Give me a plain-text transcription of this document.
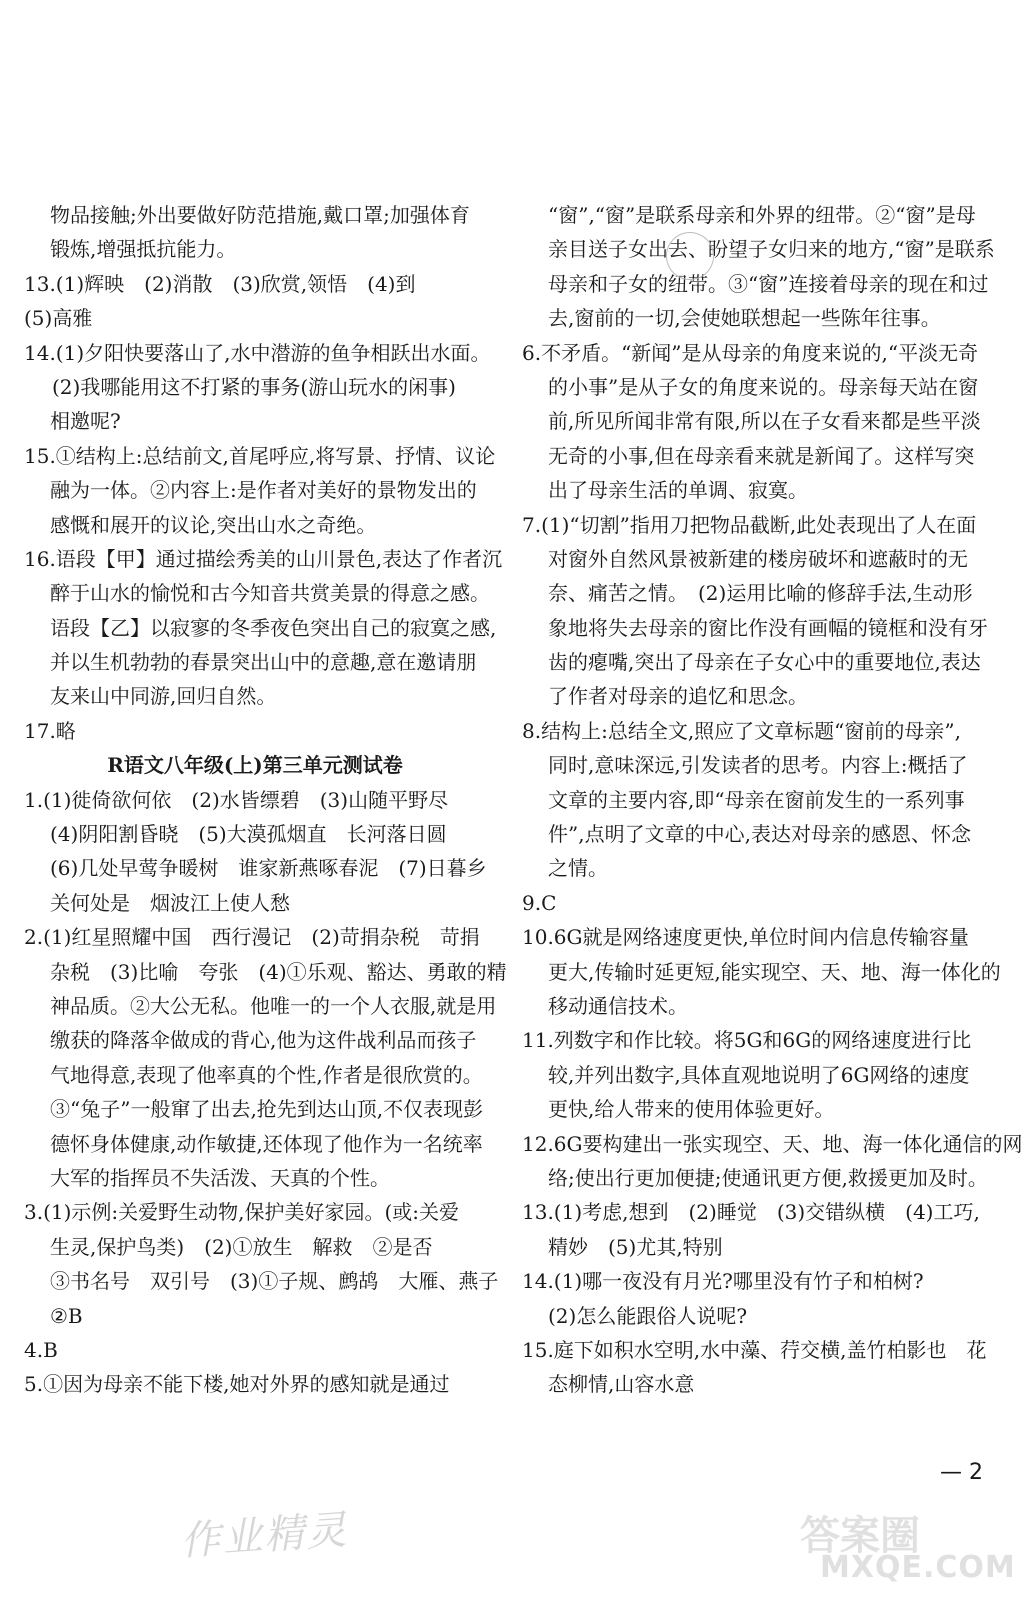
物品接触;外出要做好防范措施,戴口罩;加强体育
锻炼,增强抵抗能力。
13.(1)辉映　(2)消散　(3)欣赏,领悟　(4)到
(5)高雅
14.(1)夕阳快要落山了,水中潜游的鱼争相跃出水面。
(2)我哪能用这不打紧的事务(游山玩水的闲事)
相邀呢?
15.①结构上:总结前文,首尾呼应,将写景、抒情、议论
融为一体。②内容上:是作者对美好的景物发出的
感慨和展开的议论,突出山水之奇绝。
16.语段【甲】通过描绘秀美的山川景色,表达了作者沉
醉于山水的愉悦和古今知音共赏美景的得意之感。
语段【乙】以寂寥的冬季夜色突出自己的寂寞之感,
并以生机勃勃的春景突出山中的意趣,意在邀请朋
友来山中同游,回归自然。
17.略
R语文八年级(上)第三单元测试卷
1.(1)徙倚欲何依　(2)水皆缥碧　(3)山随平野尽
(4)阴阳割昏晓　(5)大漠孤烟直　长河落日圆
(6)几处早莺争暖树　谁家新燕啄春泥　(7)日暮乡
关何处是　烟波江上使人愁
2.(1)红星照耀中国　西行漫记　(2)苛捐杂税　苛捐
杂税　(3)比喻　夸张　(4)①乐观、豁达、勇敢的精
神品质。②大公无私。他唯一的一个人衣服,就是用
缴获的降落伞做成的背心,他为这件战利品而孩子
气地得意,表现了他率真的个性,作者是很欣赏的。
③“兔子”一般窜了出去,抢先到达山顶,不仅表现彭
德怀身体健康,动作敏捷,还体现了他作为一名统率
大军的指挥员不失活泼、天真的个性。
3.(1)示例:关爱野生动物,保护美好家园。(或:关爱
生灵,保护鸟类)　(2)①放生　解救　②是否
③书名号　双引号　(3)①子规、鹧鸪　大雁、燕子
②B
4.B
5.①因为母亲不能下楼,她对外界的感知就是通过
“窗”,“窗”是联系母亲和外界的纽带。②“窗”是母
亲目送子女出去、盼望子女归来的地方,“窗”是联系
母亲和子女的纽带。③“窗”连接着母亲的现在和过
去,窗前的一切,会使她联想起一些陈年往事。
6.不矛盾。“新闻”是从母亲的角度来说的,“平淡无奇
的小事”是从子女的角度来说的。母亲每天站在窗
前,所见所闻非常有限,所以在子女看来都是些平淡
无奇的小事,但在母亲看来就是新闻了。这样写突
出了母亲生活的单调、寂寞。
7.(1)“切割”指用刀把物品截断,此处表现出了人在面
对窗外自然风景被新建的楼房破坏和遮蔽时的无
奈、痛苦之情。　(2)运用比喻的修辞手法,生动形
象地将失去母亲的窗比作没有画幅的镜框和没有牙
齿的瘪嘴,突出了母亲在子女心中的重要地位,表达
了作者对母亲的追忆和思念。
8.结构上:总结全文,照应了文章标题“窗前的母亲”,
同时,意味深远,引发读者的思考。内容上:概括了
文章的主要内容,即“母亲在窗前发生的一系列事
件”,点明了文章的中心,表达对母亲的感恩、怀念
之情。
9.C
10.6G就是网络速度更快,单位时间内信息传输容量
更大,传输时延更短,能实现空、天、地、海一体化的
移动通信技术。
11.列数字和作比较。将5G和6G的网络速度进行比
较,并列出数字,具体直观地说明了6G网络的速度
更快,给人带来的使用体验更好。
12.6G要构建出一张实现空、天、地、海一体化通信的网
络;使出行更加便捷;使通讯更方便,救援更加及时。
13.(1)考虑,想到　(2)睡觉　(3)交错纵横　(4)工巧,
精妙　(5)尤其,特别
14.(1)哪一夜没有月光?哪里没有竹子和柏树?
(2)怎么能跟俗人说呢?
15.庭下如积水空明,水中藻、荇交横,盖竹柏影也　花
态柳情,山容水意
— 2
作业精灵	答案圈
MXQE.COM
